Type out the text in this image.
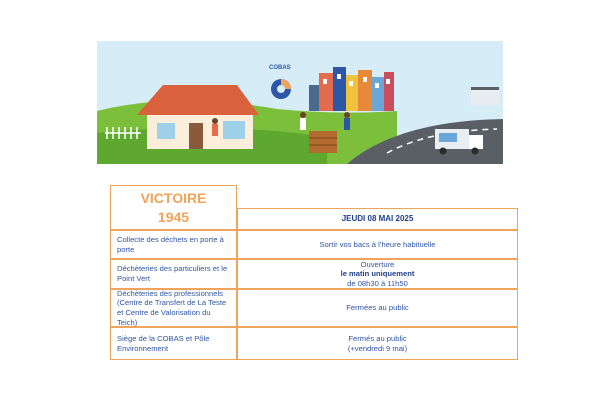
COBAS
VICTOIRE
1945	JEUDI 08 MAI 2025
Collecte des déchets en porte à porte
Sortir vos bacs à l’heure habituelle
Déchèteries des particuliers et le Point Vert
Ouverture
le matin uniquement
de 08h30 à 11h50
Déchèteries des professionnels (Centre de Transfert de La Teste et Centre de Valorisation du Teich)
Fermées au public
Siège de la COBAS et Pôle Environnement
Fermés au public
(+vendredi 9 mai)
